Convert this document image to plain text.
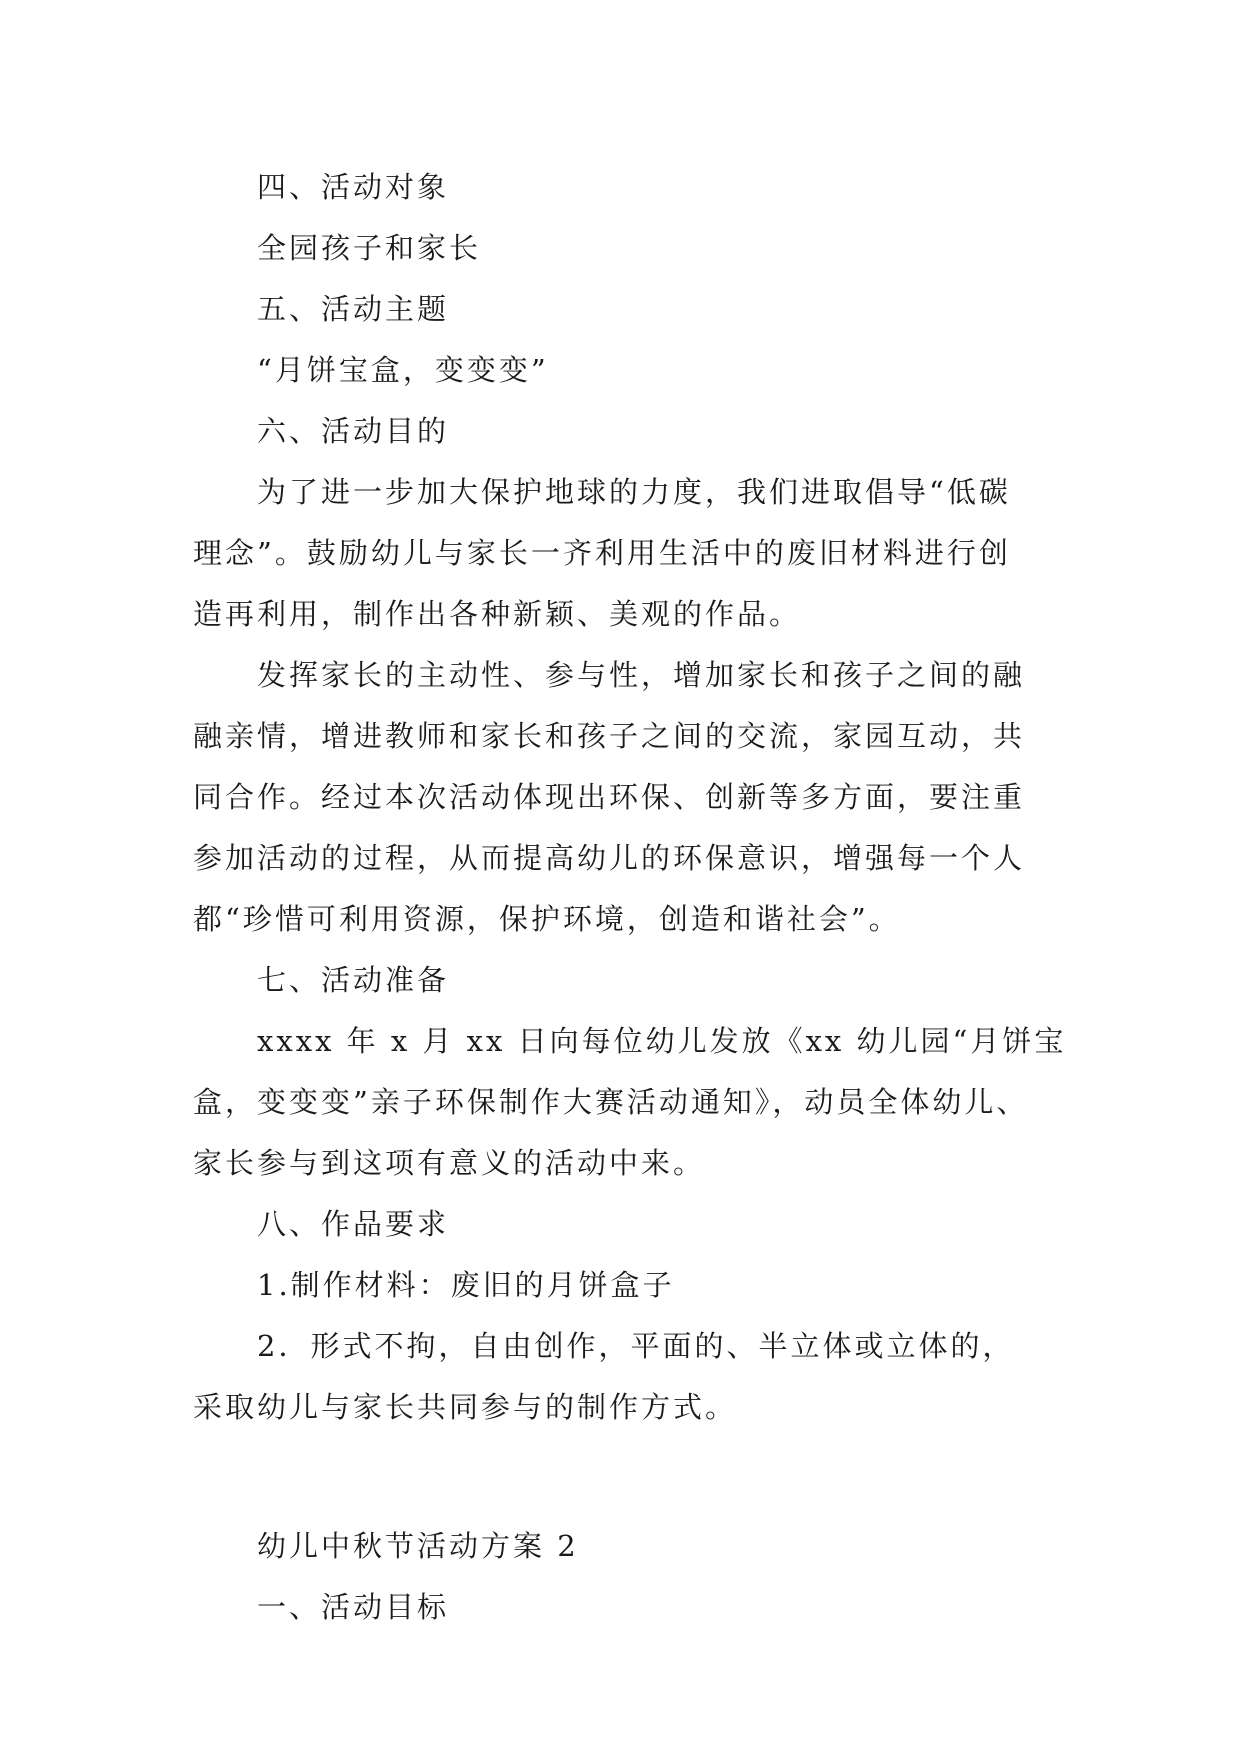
四、活动对象
全园孩子和家长
五、活动主题
“月饼宝盒，变变变”
六、活动目的
为了进一步加大保护地球的力度，我们进取倡导“低碳
理念”。鼓励幼儿与家长一齐利用生活中的废旧材料进行创
造再利用，制作出各种新颖、美观的作品。
发挥家长的主动性、参与性，增加家长和孩子之间的融
融亲情，增进教师和家长和孩子之间的交流，家园互动，共
同合作。经过本次活动体现出环保、创新等多方面，要注重
参加活动的过程，从而提高幼儿的环保意识，增强每一个人
都“珍惜可利用资源，保护环境，创造和谐社会”。
七、活动准备
xxxx 年 x 月 xx 日向每位幼儿发放《xx 幼儿园“月饼宝
盒，变变变”亲子环保制作大赛活动通知》，动员全体幼儿、
家长参与到这项有意义的活动中来。
八、作品要求
1.制作材料：废旧的月饼盒子
2．形式不拘，自由创作，平面的、半立体或立体的，
采取幼儿与家长共同参与的制作方式。
幼儿中秋节活动方案 2
一、活动目标
